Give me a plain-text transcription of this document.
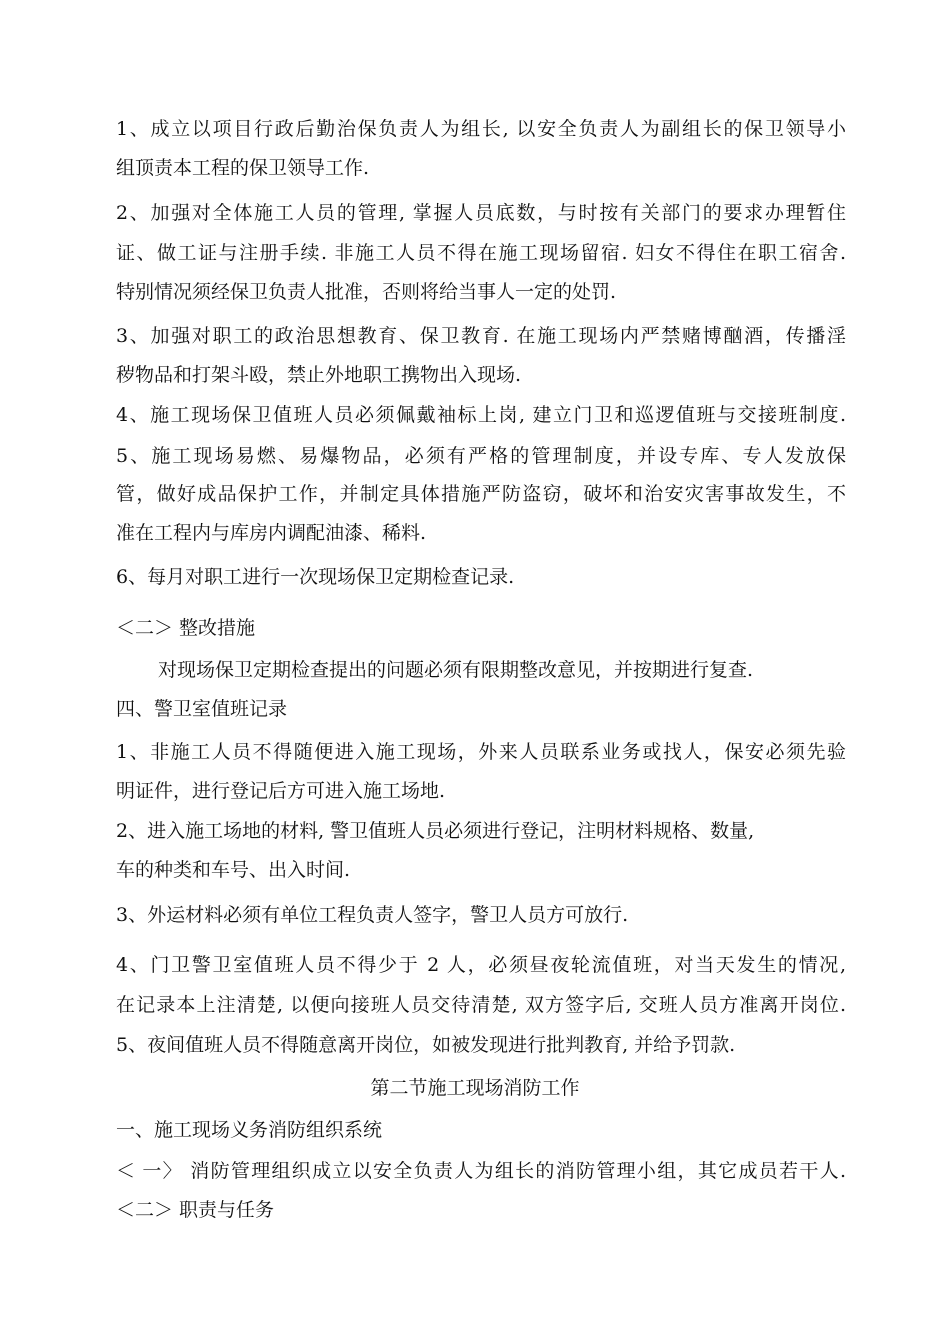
1、成立以项目行政后勤治保负责人为组长, 以安全负责人为副组长的保卫领导小
组顶责本工程的保卫领导工作.
2、加强对全体施工人员的管理, 掌握人员底数，与时按有关部门的要求办理暂住
证、做工证与注册手续. 非施工人员不得在施工现场留宿. 妇女不得住在职工宿舍.
特别情况须经保卫负责人批准，否则将给当事人一定的处罚.
3、加强对职工的政治思想教育、保卫教育. 在施工现场内严禁赌博酗酒，传播淫
秽物品和打架斗殴，禁止外地职工携物出入现场.
4、施工现场保卫值班人员必须佩戴袖标上岗, 建立门卫和巡逻值班与交接班制度.
5、施工现场易燃、易爆物品，必须有严格的管理制度，并设专库、专人发放保
管，做好成品保护工作，并制定具体措施严防盗窃，破坏和治安灾害事故发生，不
准在工程内与库房内调配油漆、稀料.
6、每月对职工进行一次现场保卫定期检查记录.
＜二＞ 整改措施
对现场保卫定期检查提出的问题必须有限期整改意见，并按期进行复查.
四、警卫室值班记录
1、非施工人员不得随便进入施工现场，外来人员联系业务或找人，保安必须先验
明证件，进行登记后方可进入施工场地.
2、进入施工场地的材料, 警卫值班人员必须进行登记，注明材料规格、数量,
车的种类和车号、出入时间.
3、外运材料必须有单位工程负责人签字，警卫人员方可放行.
4、门卫警卫室值班人员不得少于 2 人，必须昼夜轮流值班，对当天发生的情况,
在记录本上注清楚, 以便向接班人员交待清楚, 双方签字后, 交班人员方准离开岗位.
5、夜间值班人员不得随意离开岗位，如被发现进行批判教育, 并给予罚款.
第二节施工现场消防工作
一、施工现场义务消防组织系统
＜ 一〉 消防管理组织成立以安全负责人为组长的消防管理小组，其它成员若干人.
＜二＞ 职责与任务
